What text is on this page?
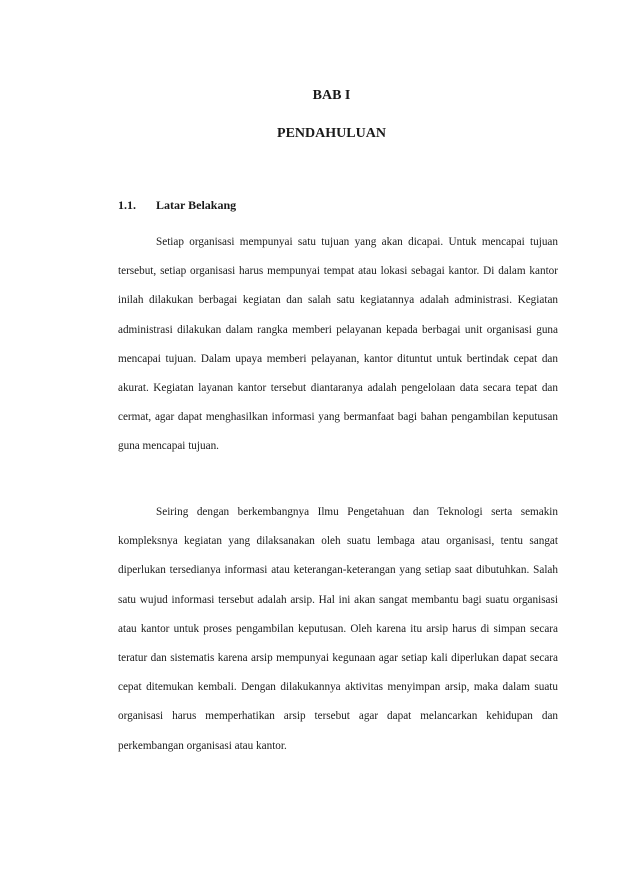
BAB I
PENDAHULUAN
1.1. Latar Belakang

Setiap organisasi mempunyai satu tujuan yang akan dicapai. Untuk mencapai tujuan tersebut, setiap organisasi harus mempunyai tempat atau lokasi sebagai kantor. Di dalam kantor inilah dilakukan berbagai kegiatan dan salah satu kegiatannya adalah administrasi. Kegiatan administrasi dilakukan dalam rangka memberi pelayanan kepada berbagai unit organisasi guna mencapai tujuan. Dalam upaya memberi pelayanan, kantor dituntut untuk bertindak cepat dan akurat. Kegiatan layanan kantor tersebut diantaranya adalah pengelolaan data secara tepat dan cermat, agar dapat menghasilkan informasi yang bermanfaat bagi bahan pengambilan keputusan guna mencapai tujuan.

Seiring dengan berkembangnya Ilmu Pengetahuan dan Teknologi serta semakin kompleksnya kegiatan yang dilaksanakan oleh suatu lembaga atau organisasi, tentu sangat diperlukan tersedianya informasi atau keterangan-keterangan yang setiap saat dibutuhkan. Salah satu wujud informasi tersebut adalah arsip. Hal ini akan sangat membantu bagi suatu organisasi atau kantor untuk proses pengambilan keputusan. Oleh karena itu arsip harus di simpan secara teratur dan sistematis karena arsip mempunyai kegunaan agar setiap kali diperlukan dapat secara cepat ditemukan kembali. Dengan dilakukannya aktivitas menyimpan arsip, maka dalam suatu organisasi harus memperhatikan arsip tersebut agar dapat melancarkan kehidupan dan perkembangan organisasi atau kantor.
